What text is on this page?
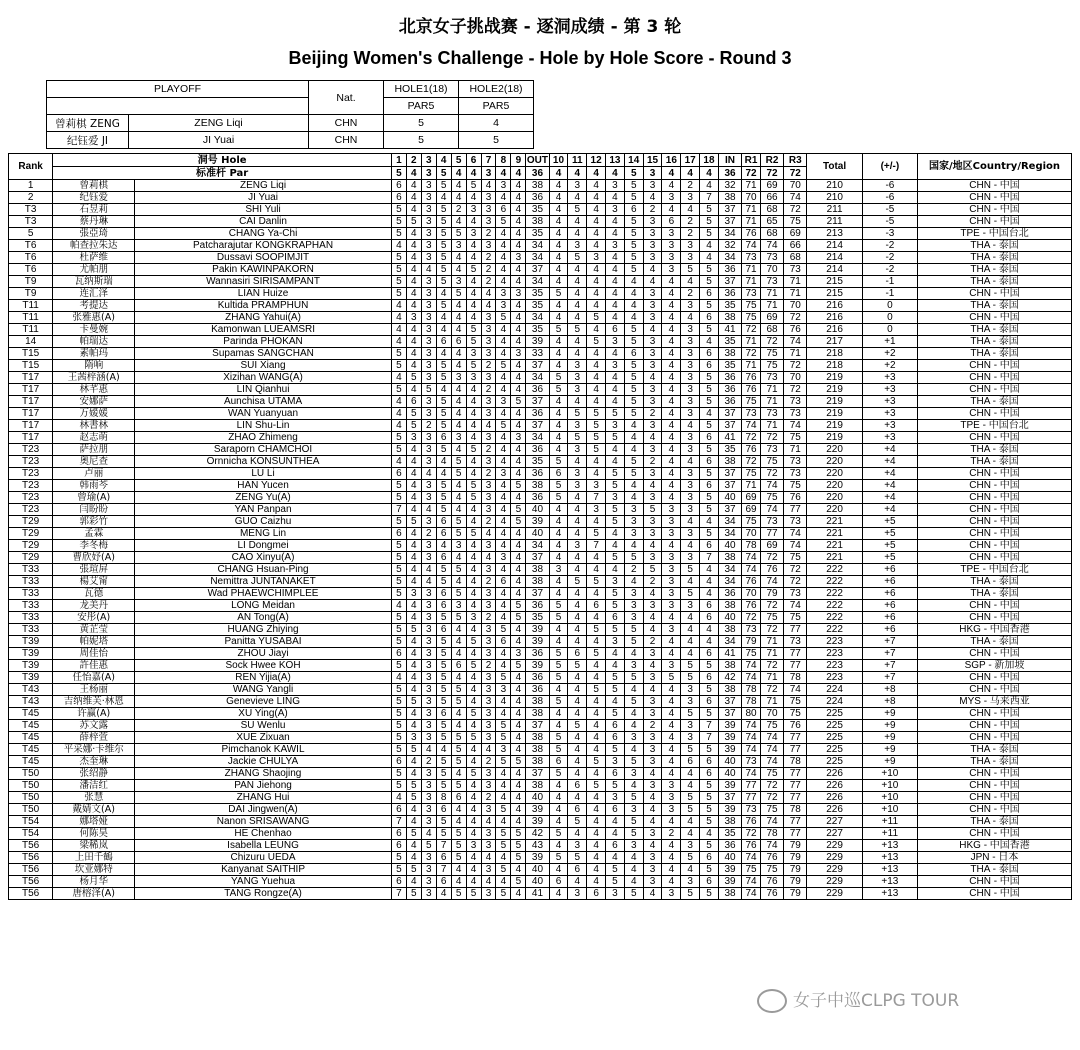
北京女子挑战赛 - 逐洞成绩 - 第 3 轮
Beijing Women's Challenge - Hole by Hole Score - Round 3
PLAYOFF		Nat.	HOLE1(18)	HOLE2(18)
			PAR5	PAR5
曾莉棋 ZENG	ZENG Liqi	CHN	5	4
纪钰爱 JI	JI Yuai	CHN	5	5
Rank	洞号 Hole		1	2	3	4	5	6	7	8	9	OUT	10	11	12	13	14	15	16	17	18	IN	R1	R2	R3	Total	(+/-)	国家/地区Country/Region
	标准杆 Par		5	4	3	5	4	4	3	4	4	36	4	4	4	4	5	3	4	4	4	36	72	72	72			
1	曾莉棋	ZENG Liqi	6	4	3	5	4	5	4	3	4	38	4	3	4	3	5	3	4	2	4	32	71	69	70	210	-6	CHN - 中国
2	纪钰爱	JI Yuai	6	4	3	4	4	4	3	4	4	36	4	4	4	4	5	4	3	3	7	38	70	66	74	210	-6	CHN - 中国
T3	石昱莉	SHI Yuli	5	4	3	5	2	3	3	6	4	35	4	5	4	3	6	2	4	4	5	37	71	68	72	211	-5	CHN - 中国
T3	蔡丹琳	CAI Danlin	5	5	3	5	4	4	3	5	4	38	4	4	4	4	5	3	6	2	5	37	71	65	75	211	-5	CHN - 中国
5	張亞琦	CHANG Ya-Chi	5	4	3	5	5	3	2	4	4	35	4	4	4	4	5	3	3	2	5	34	76	68	69	213	-3	TPE - 中国台北
T6	帕查拉朱达	Patcharajutar KONGKRAPHAN	4	4	3	5	3	4	3	4	4	34	4	3	4	3	5	3	3	3	4	32	74	74	66	214	-2	THA - 泰国
T6	杜萨维	Dussavi SOOPIMJIT	5	4	3	5	4	4	2	4	3	34	4	5	3	4	5	3	3	3	4	34	73	73	68	214	-2	THA - 泰国
T6	尤帕朋	Pakin KAWINPAKORN	5	4	4	5	4	5	2	4	4	37	4	4	4	4	5	4	3	5	5	36	71	70	73	214	-2	THA - 泰国
T9	瓦纳斯瑞	Wannasiri SIRISAMPANT	5	4	3	5	3	4	2	4	4	34	4	4	4	4	4	4	4	4	5	37	71	73	71	215	-1	THA - 泰国
T9	连汇泽	LIAN Huize	5	4	3	4	5	4	4	3	3	35	5	4	4	4	4	3	4	2	6	36	73	71	71	215	-1	CHN - 中国
T11	考提达	Kultida PRAMPHUN	4	4	3	5	4	4	4	3	4	35	4	4	4	4	4	3	4	3	5	35	75	71	70	216	0	THA - 泰国
T11	张雅惠(A)	ZHANG Yahui(A)	4	3	3	4	4	4	3	5	4	34	4	4	5	4	4	3	4	4	6	38	75	69	72	216	0	CHN - 中国
T11	卡曼婉	Kamonwan LUEAMSRI	4	4	3	4	4	5	3	4	4	35	5	5	4	6	5	4	4	3	5	41	72	68	76	216	0	THA - 泰国
14	帕瑞达	Parinda PHOKAN	4	4	3	6	6	5	3	4	4	39	4	4	5	3	5	3	4	3	4	35	71	72	74	217	+1	THA - 泰国
T15	素帕玛	Supamas SANGCHAN	5	4	3	4	4	3	3	4	3	33	4	4	4	4	6	3	4	3	6	38	72	75	71	218	+2	THA - 泰国
T15	隋响	SUI Xiang	5	4	3	5	4	5	2	5	4	37	4	3	4	3	5	3	4	3	6	35	71	75	72	218	+2	CHN - 中国
T17	王茜梓涵(A)	Xizihan WANG(A)	4	5	3	5	3	3	3	4	4	34	5	3	4	4	5	4	4	3	5	36	76	73	70	219	+3	CHN - 中国
T17	林芊惠	LIN Qianhui	5	4	5	4	4	4	2	4	4	36	5	3	4	4	5	3	4	3	5	36	76	71	72	219	+3	CHN - 中国
T17	安娜萨	Aunchisa UTAMA	4	6	3	5	4	4	3	3	5	37	4	4	4	4	5	3	4	3	5	36	75	71	73	219	+3	THA - 泰国
T17	万媛媛	WAN Yuanyuan	4	5	3	5	4	4	3	4	4	36	4	5	5	5	5	2	4	3	4	37	73	73	73	219	+3	CHN - 中国
T17	林書林	LIN Shu-Lin	4	5	2	5	4	4	4	5	4	37	4	3	5	3	4	3	4	4	5	37	74	71	74	219	+3	TPE - 中国台北
T17	赵志萌	ZHAO Zhimeng	5	3	3	6	3	4	3	4	3	34	4	5	5	5	4	4	4	3	6	41	72	72	75	219	+3	CHN - 中国
T23	萨拉朋	Saraporn CHAMCHOI	5	4	3	5	4	5	2	4	4	36	4	3	5	4	4	3	4	3	5	35	76	73	71	220	+4	THA - 泰国
T23	奥尼查	Ornnicha KONSUNTHEA	4	4	3	4	5	4	3	4	4	35	5	4	4	4	5	2	4	4	6	38	72	75	73	220	+4	THA - 泰国
T23	卢丽	LU Li	6	4	4	4	5	4	2	3	4	36	6	3	4	5	5	3	4	3	5	37	75	72	73	220	+4	CHN - 中国
T23	韩雨芩	HAN Yucen	5	4	3	5	4	5	3	4	5	38	5	3	3	5	4	4	4	3	6	37	71	74	75	220	+4	CHN - 中国
T23	曾瑜(A)	ZENG Yu(A)	5	4	3	5	4	5	3	4	4	36	5	4	7	3	4	3	4	3	5	40	69	75	76	220	+4	CHN - 中国
T23	闫盼盼	YAN Panpan	7	4	4	5	4	4	3	4	5	40	4	4	3	5	3	5	3	3	5	37	69	74	77	220	+4	CHN - 中国
T29	郭彩竹	GUO Caizhu	5	5	3	6	5	4	2	4	5	39	4	4	4	5	3	3	3	4	4	34	75	73	73	221	+5	CHN - 中国
T29	孟霖	MENG Lin	6	4	2	6	5	5	4	4	4	40	4	4	5	4	3	3	3	3	5	34	70	77	74	221	+5	CHN - 中国
T29	李冬梅	LI Dongmei	5	4	3	4	3	4	3	4	4	34	4	3	7	4	4	4	4	4	6	40	78	69	74	221	+5	CHN - 中国
T29	曹欣妤(A)	CAO Xinyu(A)	5	4	3	6	4	4	4	3	4	37	4	4	4	5	5	3	3	3	7	38	74	72	75	221	+5	CHN - 中国
T33	張瑄屏	CHANG Hsuan-Ping	5	4	4	5	5	4	3	4	4	38	3	4	4	4	2	5	3	5	4	34	74	76	72	222	+6	TPE - 中国台北
T33	楊艾甯	Nemittra JUNTANAKET	5	4	4	5	4	4	2	6	4	38	4	5	5	3	4	2	3	4	4	34	76	74	72	222	+6	THA - 泰国
T33	瓦德	Wad PHAEWCHIMPLEE	5	3	3	6	5	4	3	4	4	37	4	4	4	5	3	4	3	5	4	36	70	79	73	222	+6	THA - 泰国
T33	龙美丹	LONG Meidan	4	4	3	6	3	4	3	4	5	36	5	4	6	5	3	3	3	3	6	38	76	72	74	222	+6	CHN - 中国
T33	安彤(A)	AN Tong(A)	5	4	3	5	5	3	2	4	5	35	5	4	4	6	3	4	4	4	6	40	72	75	75	222	+6	CHN - 中国
T33	黄芷莹	HUANG Zhiying	5	5	3	6	4	4	3	5	4	39	4	4	5	5	5	4	3	4	4	38	73	72	77	222	+6	HKG - 中国香港
T39	帕妮塔	Panitta YUSABAI	5	4	3	5	4	5	3	6	4	39	4	4	4	3	5	2	4	4	4	34	79	71	73	223	+7	THA - 泰国
T39	周佳怡	ZHOU Jiayi	6	4	3	5	4	4	3	4	3	36	5	6	5	4	4	3	4	4	6	41	75	71	77	223	+7	CHN - 中国
T39	許佳惠	Sock Hwee KOH	5	4	3	5	6	5	2	4	5	39	5	5	4	4	3	4	3	5	5	38	74	72	77	223	+7	SGP - 新加坡
T39	任怡嘉(A)	REN Yijia(A)	4	4	3	5	4	4	3	5	4	36	5	4	4	5	5	3	5	5	6	42	74	71	78	223	+7	CHN - 中国
T43	王杨丽	WANG Yangli	5	4	3	5	5	4	3	3	4	36	4	4	5	5	4	4	4	3	5	38	78	72	74	224	+8	CHN - 中国
T43	吉纳维芙·林恩	Genevieve LING	5	5	3	5	5	4	3	4	4	38	5	4	4	4	5	3	4	3	6	37	78	71	75	224	+8	MYS - 马来西亚
T45	许赢(A)	XU Ying(A)	5	4	3	6	4	5	3	4	4	38	4	4	4	5	4	3	4	5	5	37	80	70	75	225	+9	CHN - 中国
T45	苏文露	SU Wenlu	5	4	3	5	4	4	3	5	4	37	4	5	4	6	4	2	4	3	7	39	74	75	76	225	+9	CHN - 中国
T45	薛梓萱	XUE Zixuan	5	3	3	5	5	5	3	5	4	38	5	4	4	6	3	3	4	3	7	39	74	74	77	225	+9	CHN - 中国
T45	平采娜·卡维尔	Pimchanok KAWIL	5	5	4	4	5	4	4	3	4	38	5	4	4	5	4	3	4	5	5	39	74	74	77	225	+9	THA - 泰国
T45	杰奎琳	Jackie CHULYA	6	4	2	5	5	4	2	5	5	38	6	4	5	3	5	3	4	6	6	40	73	74	78	225	+9	THA - 泰国
T50	张绍静	ZHANG Shaojing	5	4	3	5	4	5	3	4	4	37	5	4	4	6	3	4	4	4	6	40	74	75	77	226	+10	CHN - 中国
T50	潘洁红	PAN Jiehong	5	5	3	5	5	4	3	4	4	38	4	6	5	5	4	3	3	4	5	39	77	72	77	226	+10	CHN - 中国
T50	张慧	ZHANG Hui	4	5	3	8	6	4	2	4	4	40	4	4	4	3	5	4	3	5	5	37	77	72	77	226	+10	CHN - 中国
T50	戴婧文(A)	DAI Jingwen(A)	6	4	3	6	4	4	3	5	4	39	4	6	4	6	3	4	3	5	5	39	73	75	78	226	+10	CHN - 中国
T54	娜塔娅	Nanon SRISAWANG	7	4	3	5	4	4	4	4	4	39	4	5	4	4	5	4	4	4	5	38	76	74	77	227	+11	THA - 泰国
T54	何陈昊	HE Chenhao	6	5	4	5	5	4	3	5	5	42	5	4	4	4	5	3	2	4	4	35	72	78	77	227	+11	CHN - 中国
T56	梁稀岚	Isabella LEUNG	6	4	5	7	5	3	3	5	5	43	4	3	4	6	3	4	4	3	5	36	76	74	79	229	+13	HKG - 中国香港
T56	上田千鶴	Chizuru UEDA	5	4	3	6	5	4	4	4	5	39	5	5	4	4	4	3	4	5	6	40	74	76	79	229	+13	JPN - 日本
T56	坎亚娜特	Kanyanat SAITHIP	5	5	3	7	4	4	3	5	4	40	4	6	4	5	4	3	4	4	5	39	75	75	79	229	+13	THA - 泰国
T56	杨月华	YANG Yuehua	6	4	3	6	4	4	4	4	5	40	6	4	4	5	4	3	4	3	6	39	74	76	79	229	+13	CHN - 中国
T56	唐榕泽(A)	TANG Rongze(A)	7	5	3	4	5	5	3	5	4	41	4	3	6	3	5	4	3	5	5	38	74	76	79	229	+13	CHN - 中国
女子中巡CLPG TOUR
